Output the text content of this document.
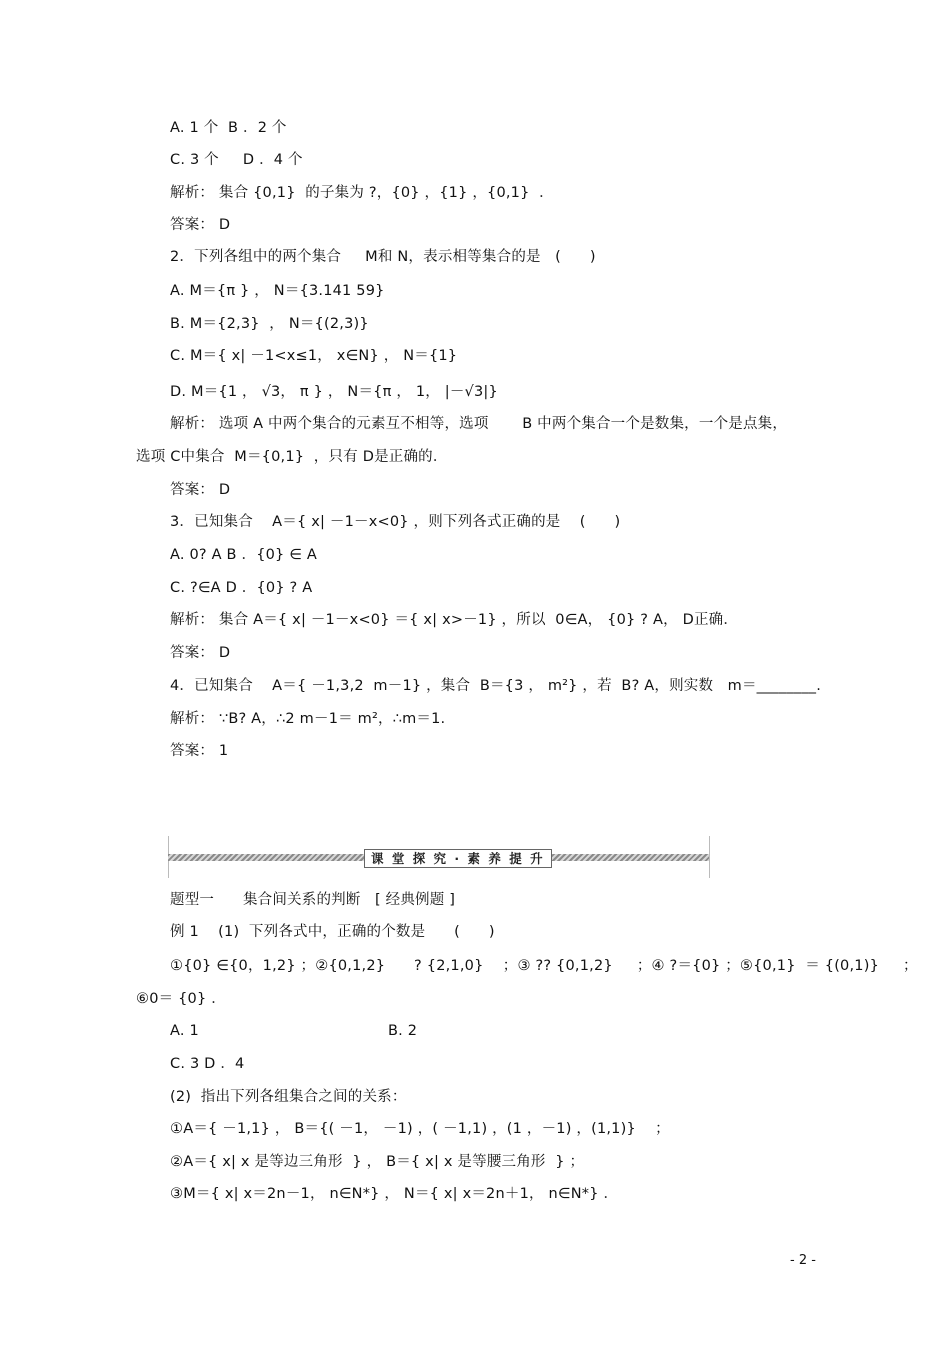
A. 1 个  B ．2 个
C. 3 个     D ．4 个
解析： 集合 {0,1}  的子集为 ?，{0} ，{1} ，{0,1}  ．
答案： D
2．下列各组中的两个集合     M和 N，表示相等集合的是   (      )
A. M＝{π } ， N＝{3.141 59}
B. M＝{2,3}  ， N＝{(2,3)}
C. M＝{ x| －1<x≤1， x∈N} ， N＝{1}
D. M＝{1 ， √3， π } ， N＝{π ， 1， |－√3|}
解析： 选项 A 中两个集合的元素互不相等，选项       B 中两个集合一个是数集，一个是点集，
选项 C中集合  M＝{0,1}  ，只有 D是正确的．
答案： D
3．已知集合    A＝{ x| －1－x<0} ，则下列各式正确的是    (      )
A. 0? A B ．{0} ∈ A
C. ?∈A D ．{0} ? A
解析： 集合 A＝{ x| －1－x<0} ＝{ x| x>－1} ，所以  0∈A， {0} ? A， D正确．
答案： D
4．已知集合    A＝{ －1,3,2  m－1} ，集合  B＝{3 ， m²} ，若  B? A，则实数   m＝________.
解析： ∵B? A，∴2 m－1＝ m²，∴m＝1.
答案： 1
课 堂 探 究 · 素 养 提 升
题型一      集合间关系的判断   [ 经典例题 ]
例 1    (1)  下列各式中，正确的个数是      (      )
①{0} ∈{0，1,2} ；②{0,1,2}      ? {2,1,0}    ；③ ?? {0,1,2}     ；④ ?＝{0} ；⑤{0,1}  ＝ {(0,1)}     ；
⑥0＝ {0} ．
A. 1	B. 2
C. 3 D ．4
(2)  指出下列各组集合之间的关系：
①A＝{ －1,1} ， B＝{( －1， －1) ，( －1,1) ，(1 ，－1) ，(1,1)}    ；
②A＝{ x| x 是等边三角形  } ， B＝{ x| x 是等腰三角形  } ；
③M＝{ x| x＝2n－1， n∈N*} ， N＝{ x| x＝2n＋1， n∈N*} ．
- 2 -
